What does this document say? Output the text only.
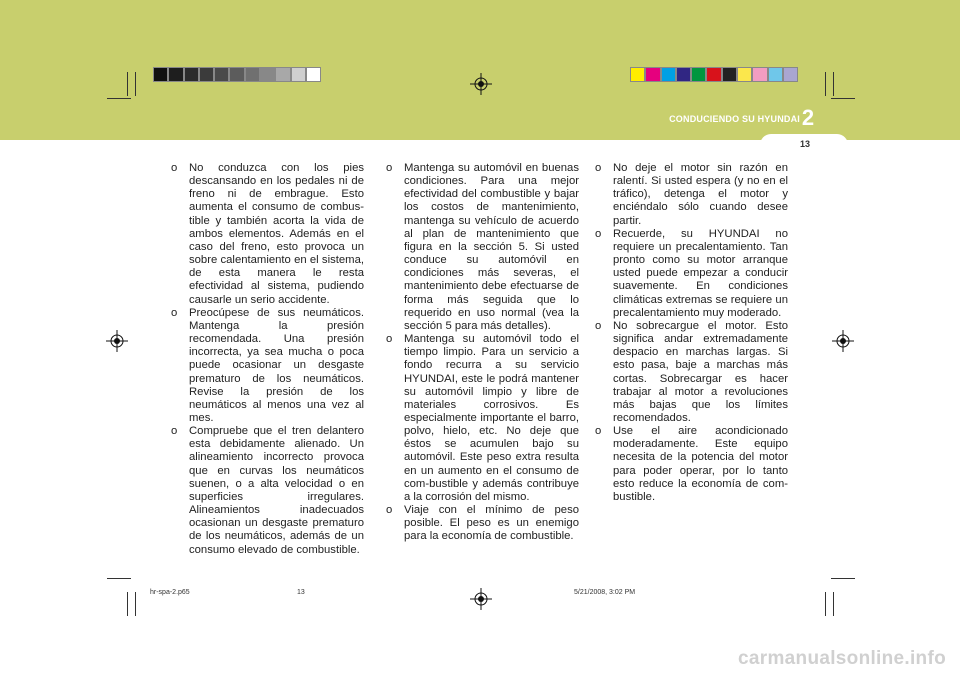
CONDUCIENDO SU HYUNDAI 2
13
o No conduzca con los pies descansando en los pedales ni de freno ni de embrague. Esto aumenta el consumo de combus-tible y también acorta la vida de ambos elementos. Además en el caso del freno, esto provoca un sobre calentamiento en el sistema, de esta manera le resta efectividad al sistema, pudiendo causarle un serio accidente.
o Preocúpese de sus neumáticos. Mantenga la presión recomendada. Una presión incorrecta, ya sea mucha o poca puede ocasionar un desgaste prematuro de los neumáticos. Revise la presión de los neumáticos al menos una vez al mes.
o Compruebe que el tren delantero esta debidamente alienado. Un alineamiento incorrecto provoca que en curvas los neumáticos suenen, o a alta velocidad o en superficies irregulares. Alineamientos inadecuados ocasionan un desgaste prematuro de los neumáticos, además de un consumo elevado de combustible.
o Mantenga su automóvil en buenas condiciones. Para una mejor efectividad del combustible y bajar los costos de mantenimiento, mantenga su vehículo de acuerdo al plan de mantenimiento que figura en la sección 5. Si usted conduce su automóvil en condiciones más severas, el mantenimiento debe efectuarse de forma más seguida que lo requerido en uso normal (vea la sección 5 para más detalles).
o Mantenga su automóvil todo el tiempo limpio. Para un servicio a fondo recurra a su servicio HYUNDAI, este le podrá mantener su automóvil limpio y libre de materiales corrosivos. Es especialmente importante el barro, polvo, hielo, etc. No deje que éstos se acumulen bajo su automóvil. Este peso extra resulta en un aumento en el consumo de com-bustible y además contribuye a la corrosión del mismo.
o Viaje con el mínimo de peso posible. El peso es un enemigo para la economía de combustible.
o No deje el motor sin razón en ralentí. Si usted espera (y no en el tráfico), detenga el motor y enciéndalo sólo cuando desee partir.
o Recuerde, su HYUNDAI no requiere un precalentamiento. Tan pronto como su motor arranque usted puede empezar a conducir suavemente. En condiciones climáticas extremas se requiere un precalentamiento muy moderado.
o No sobrecargue el motor. Esto significa andar extremadamente despacio en marchas largas. Si esto pasa, baje a marchas más cortas. Sobrecargar es hacer trabajar al motor a revoluciones más bajas que los límites recomendados.
o Use el aire acondicionado moderadamente. Este equipo necesita de la potencia del motor para poder operar, por lo tanto esto reduce la economía de com-bustible.
hr-spa-2.p65	13	5/21/2008, 3:02 PM
carmanualsonline.info
